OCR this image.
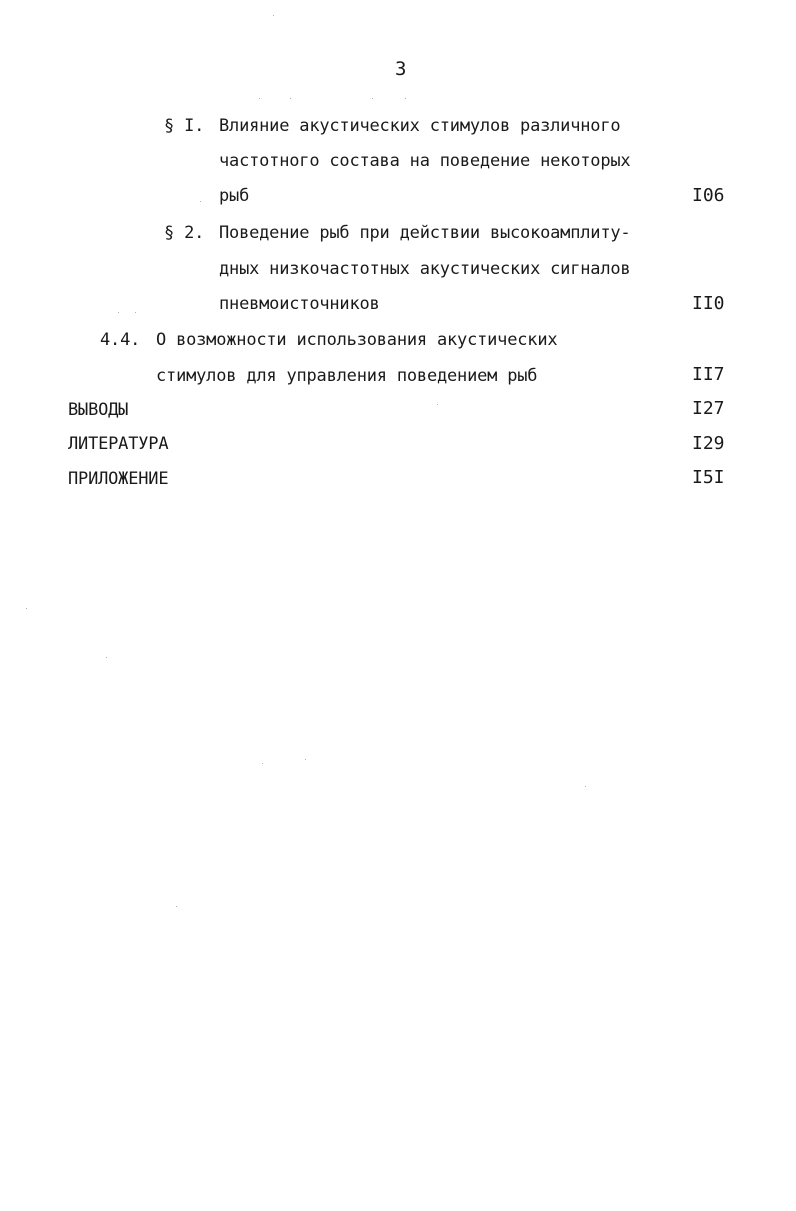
3
§ I. Влияние акустических стимулов различного
частотного состава на поведение некоторых
рыб	I06
§ 2. Поведение рыб при действии высокоамплиту-
дных низкочастотных акустических сигналов
пневмоисточников	II0
4.4. О возможности использования акустических
стимулов для управления поведением рыб	II7
ВЫВОДЫ	I27
ЛИТЕРАТУРА	I29
ПРИЛОЖЕНИЕ	I5I
